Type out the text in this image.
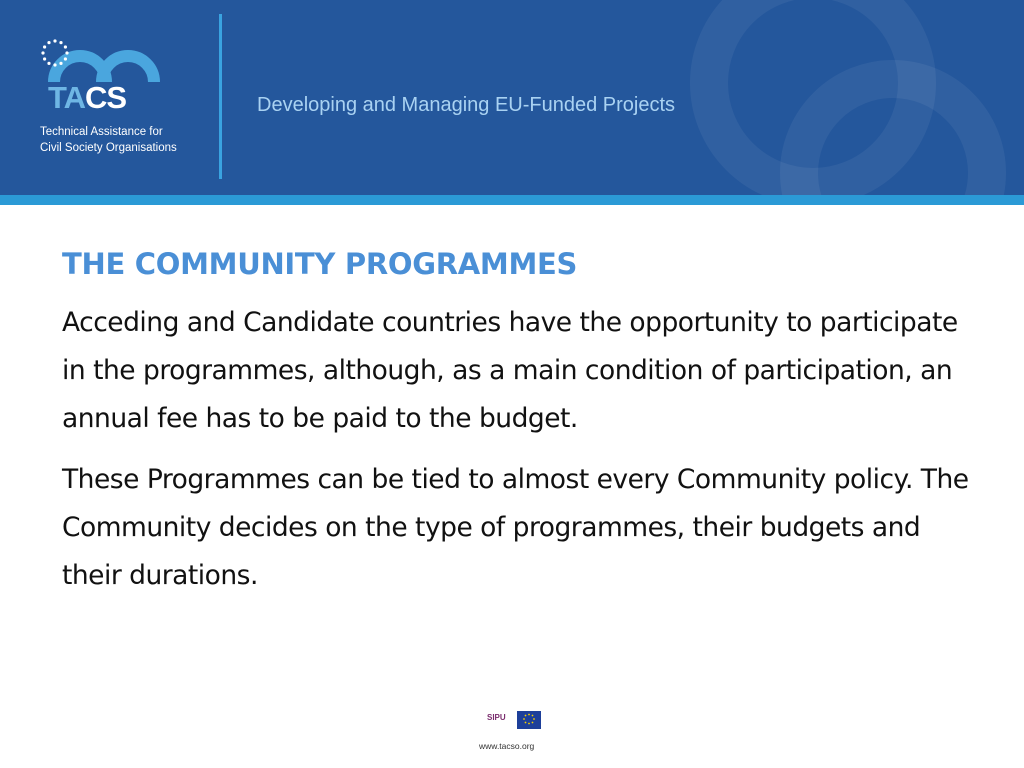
TACS
Technical Assistance for
Civil Society Organisations
Developing and Managing EU-Funded Projects
THE COMMUNITY PROGRAMMES

Acceding and Candidate countries have the opportunity to participate in the programmes, although, as a main condition of participation, an annual fee has to be paid to the budget.

These Programmes can be tied to almost every Community policy. The Community decides on the type of programmes, their budgets and their durations.

SIPU
www.tacso.org
